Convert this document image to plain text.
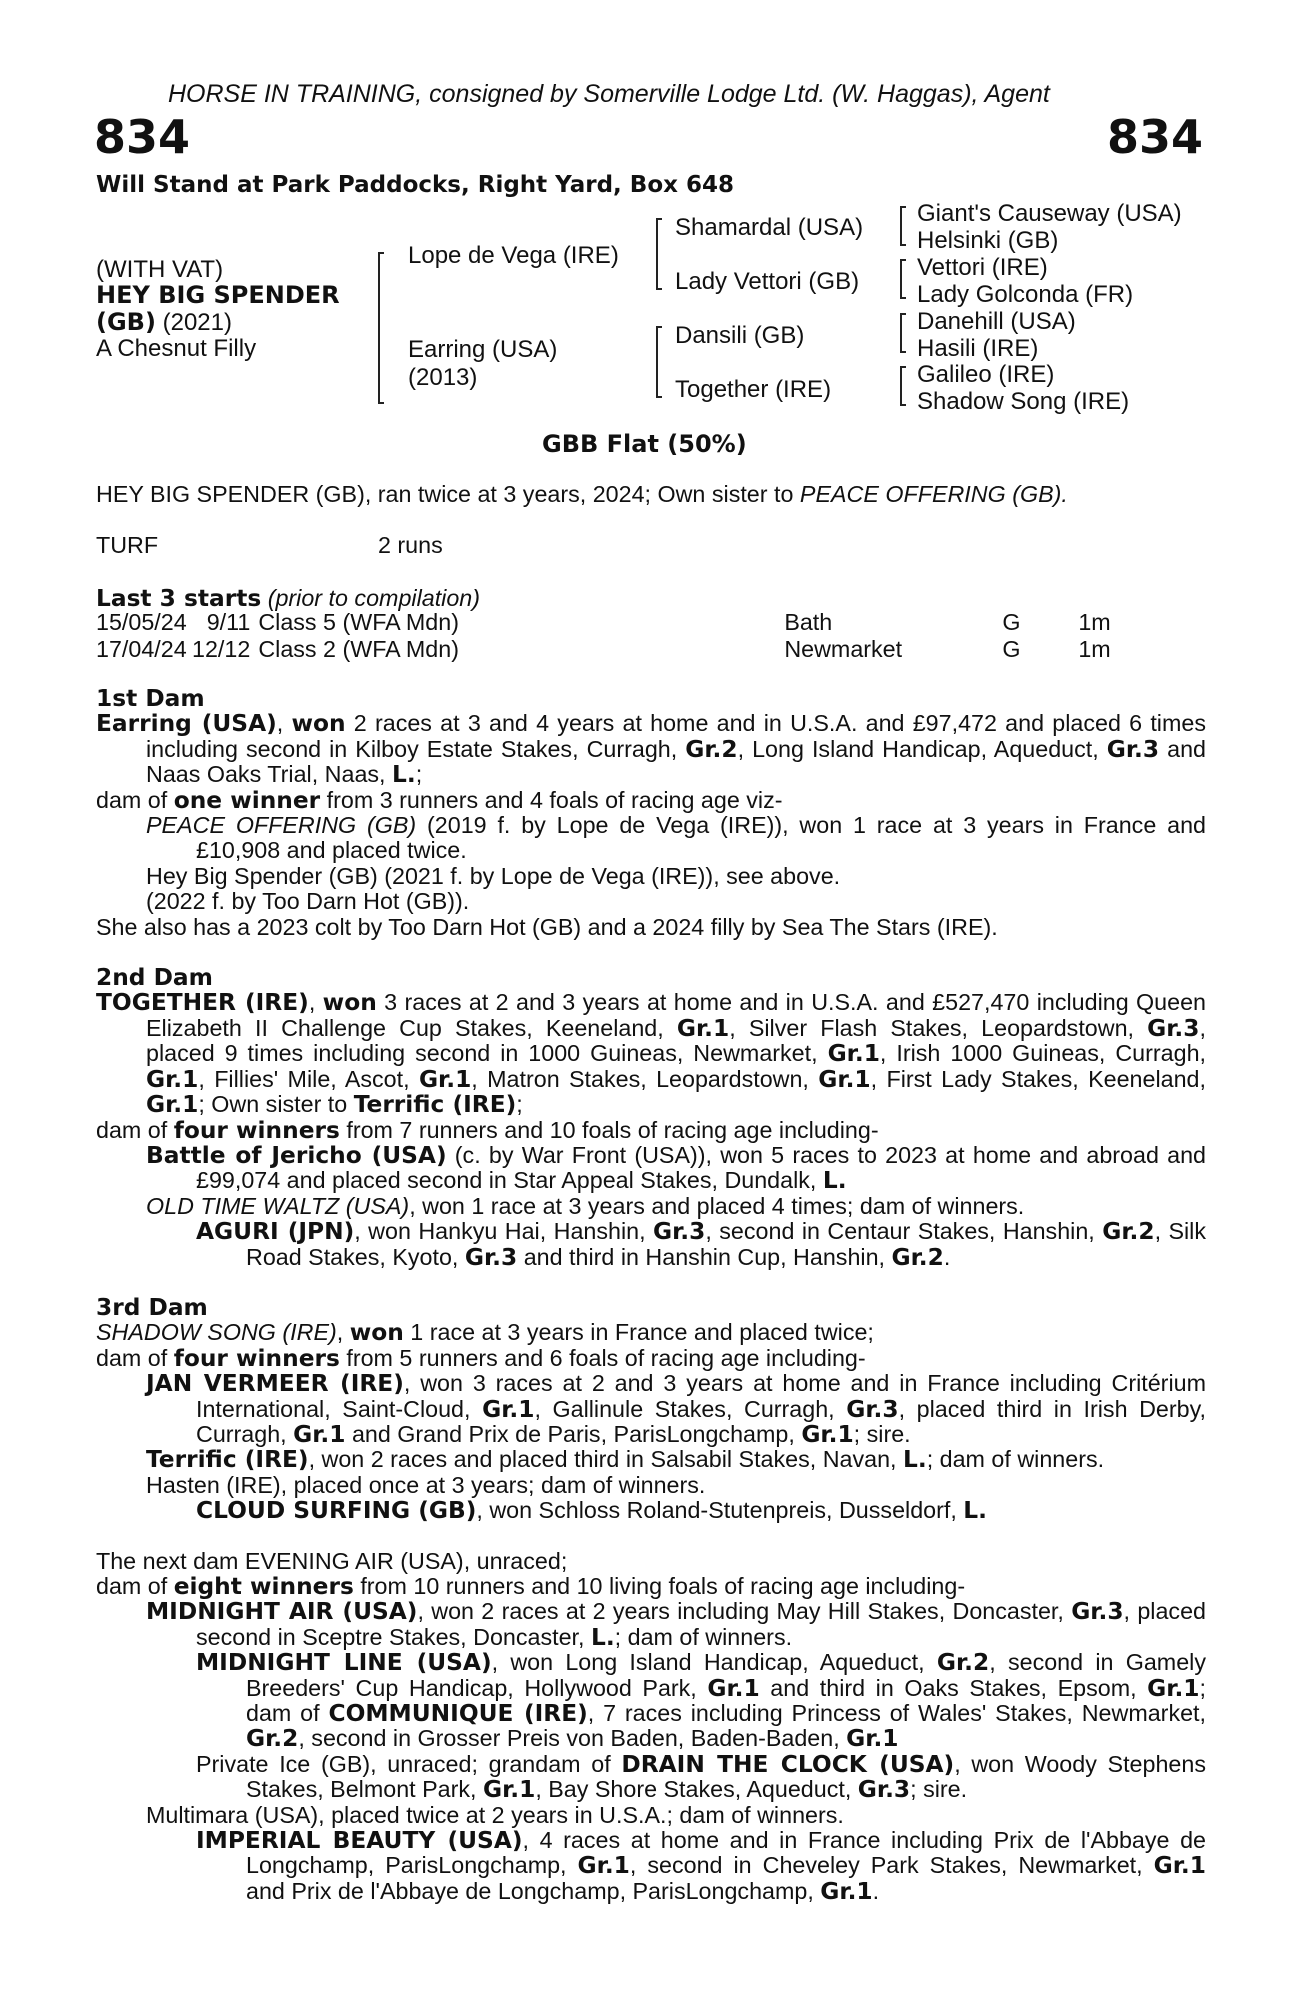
HORSE IN TRAINING, consigned by Somerville Lodge Ltd. (W. Haggas), Agent
834	834
Will Stand at Park Paddocks, Right Yard, Box 648
(WITH VAT)
HEY BIG SPENDER
(GB) (2021)
A Chesnut Filly
Lope de Vega (IRE)
Earring (USA)
(2013)
Shamardal (USA)
Lady Vettori (GB)
Dansili (GB)
Together (IRE)
Giant's Causeway (USA)
Helsinki (GB)
Vettori (IRE)
Lady Golconda (FR)
Danehill (USA)
Hasili (IRE)
Galileo (IRE)
Shadow Song (IRE)
GBB Flat (50%)

HEY BIG SPENDER (GB), ran twice at 3 years, 2024; Own sister to PEACE OFFERING (GB).

TURF	2 runs
Last 3 starts (prior to compilation)
15/05/24	9/11	Class 5 (WFA Mdn)	Bath	G	1m
17/04/24	12/12	Class 2 (WFA Mdn)	Newmarket	G	1m

1st Dam

Earring (USA), won 2 races at 3 and 4 years at home and in U.S.A. and £97,472 and placed 6 times including second in Kilboy Estate Stakes, Curragh, Gr.2, Long Island Handicap, Aqueduct, Gr.3 and Naas Oaks Trial, Naas, L.;

dam of one winner from 3 runners and 4 foals of racing age viz-

PEACE OFFERING (GB) (2019 f. by Lope de Vega (IRE)), won 1 race at 3 years in France and £10,908 and placed twice.

Hey Big Spender (GB) (2021 f. by Lope de Vega (IRE)), see above.

(2022 f. by Too Darn Hot (GB)).

She also has a 2023 colt by Too Darn Hot (GB) and a 2024 filly by Sea The Stars (IRE).

2nd Dam

TOGETHER (IRE), won 3 races at 2 and 3 years at home and in U.S.A. and £527,470 including Queen Elizabeth II Challenge Cup Stakes, Keeneland, Gr.1, Silver Flash Stakes, Leopardstown, Gr.3, placed 9 times including second in 1000 Guineas, Newmarket, Gr.1, Irish 1000 Guineas, Curragh, Gr.1, Fillies' Mile, Ascot, Gr.1, Matron Stakes, Leopardstown, Gr.1, First Lady Stakes, Keeneland, Gr.1; Own sister to Terrific (IRE);

dam of four winners from 7 runners and 10 foals of racing age including-

Battle of Jericho (USA) (c. by War Front (USA)), won 5 races to 2023 at home and abroad and £99,074 and placed second in Star Appeal Stakes, Dundalk, L.

OLD TIME WALTZ (USA), won 1 race at 3 years and placed 4 times; dam of winners.

AGURI (JPN), won Hankyu Hai, Hanshin, Gr.3, second in Centaur Stakes, Hanshin, Gr.2, Silk Road Stakes, Kyoto, Gr.3 and third in Hanshin Cup, Hanshin, Gr.2.

3rd Dam

SHADOW SONG (IRE), won 1 race at 3 years in France and placed twice;

dam of four winners from 5 runners and 6 foals of racing age including-

JAN VERMEER (IRE), won 3 races at 2 and 3 years at home and in France including Critérium International, Saint-Cloud, Gr.1, Gallinule Stakes, Curragh, Gr.3, placed third in Irish Derby, Curragh, Gr.1 and Grand Prix de Paris, ParisLongchamp, Gr.1; sire.

Terrific (IRE), won 2 races and placed third in Salsabil Stakes, Navan, L.; dam of winners.

Hasten (IRE), placed once at 3 years; dam of winners.

CLOUD SURFING (GB), won Schloss Roland-Stutenpreis, Dusseldorf, L.

The next dam EVENING AIR (USA), unraced;

dam of eight winners from 10 runners and 10 living foals of racing age including-

MIDNIGHT AIR (USA), won 2 races at 2 years including May Hill Stakes, Doncaster, Gr.3, placed second in Sceptre Stakes, Doncaster, L.; dam of winners.

MIDNIGHT LINE (USA), won Long Island Handicap, Aqueduct, Gr.2, second in Gamely Breeders' Cup Handicap, Hollywood Park, Gr.1 and third in Oaks Stakes, Epsom, Gr.1; dam of COMMUNIQUE (IRE), 7 races including Princess of Wales' Stakes, Newmarket, Gr.2, second in Grosser Preis von Baden, Baden-Baden, Gr.1

Private Ice (GB), unraced; grandam of DRAIN THE CLOCK (USA), won Woody Stephens Stakes, Belmont Park, Gr.1, Bay Shore Stakes, Aqueduct, Gr.3; sire.

Multimara (USA), placed twice at 2 years in U.S.A.; dam of winners.

IMPERIAL BEAUTY (USA), 4 races at home and in France including Prix de l'Abbaye de Longchamp, ParisLongchamp, Gr.1, second in Cheveley Park Stakes, Newmarket, Gr.1 and Prix de l'Abbaye de Longchamp, ParisLongchamp, Gr.1.
